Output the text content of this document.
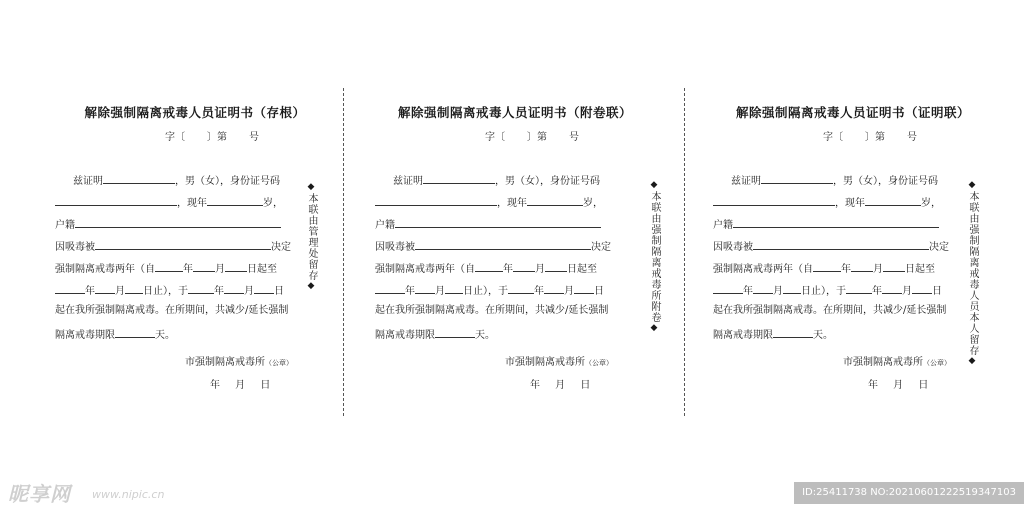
解除强制隔离戒毒人员证明书（存根）
字〔 〕第 号
兹证明	，男（女），身份证号码
，现年	岁，
户籍
因吸毒被	决定
强制隔离戒毒两年（自	年 月 日起至
年 月 日止），于	年 月 日
起在我所强制隔离戒毒。在所期间，共减少/延长强制
隔离戒毒期限	天。
市强制隔离戒毒所（公章）
年 月 日
◆本联由管理处留存◆
解除强制隔离戒毒人员证明书（附卷联）
字〔 〕第 号
兹证明	，男（女），身份证号码
，现年	岁，
户籍
因吸毒被	决定
强制隔离戒毒两年（自	年 月 日起至
年 月 日止），于	年 月 日
起在我所强制隔离戒毒。在所期间，共减少/延长强制
隔离戒毒期限	天。
市强制隔离戒毒所（公章）
年 月 日
◆本联由强制隔离戒毒所附卷◆
解除强制隔离戒毒人员证明书（证明联）
字〔 〕第 号
兹证明	，男（女），身份证号码
，现年	岁，
户籍
因吸毒被	决定
强制隔离戒毒两年（自	年 月 日起至
年 月 日止），于	年 月 日
起在我所强制隔离戒毒。在所期间，共减少/延长强制
隔离戒毒期限	天。
市强制隔离戒毒所（公章）
年 月 日
◆本联由强制隔离戒毒人员本人留存◆
昵享网 www.nipic.cn	ID:25411738 NO:20210601222519347103
